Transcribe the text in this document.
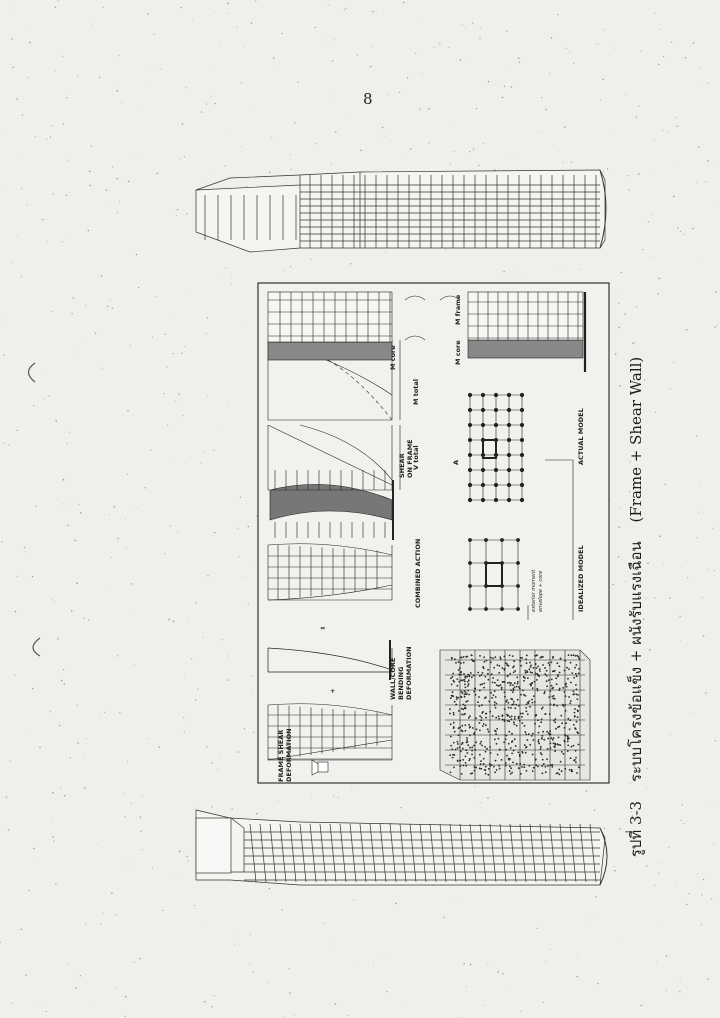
8
+
=
FRAME SHEAR DEFORMATION
WALL/CORE BENDING DEFORMATION
COMBINED ACTION
SHEAR ON FRAME
V total
M total
M core	M core
M frame
exterior moment envelope + core	IDEALIZED MODEL
ACTUAL MODEL
A
รูปที่ 3-3 ระบบโครงข้อแข็ง + ผนังรับแรงเฉือน (Frame + Shear Wall)
